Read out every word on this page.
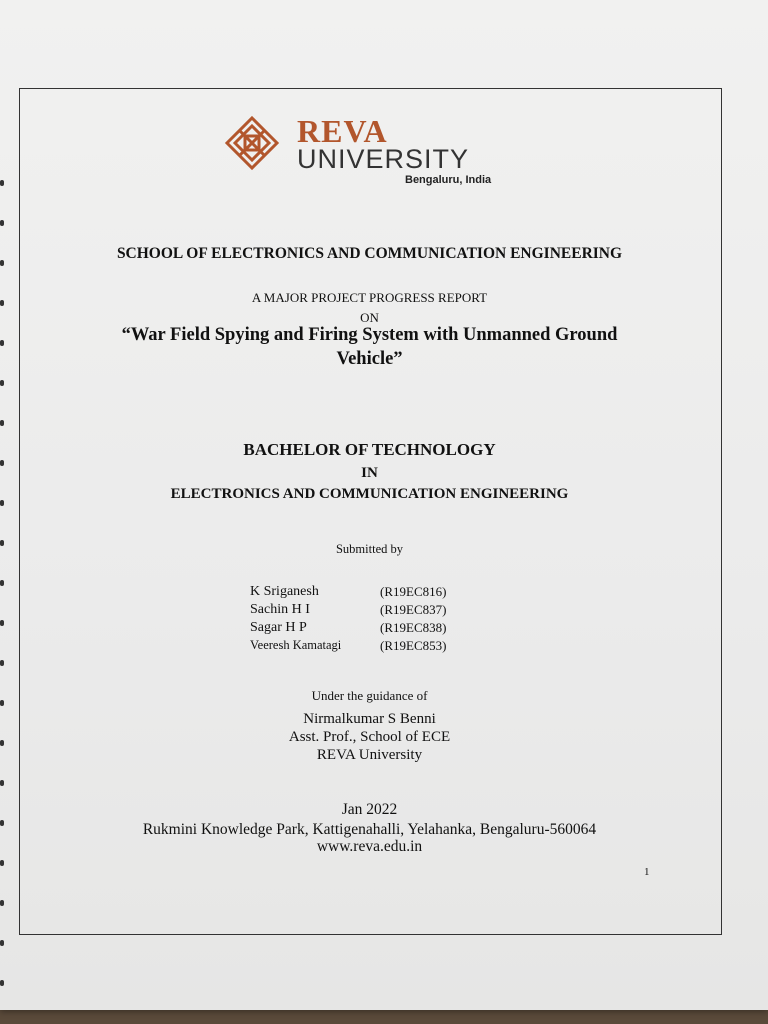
REVA
UNIVERSITY
Bengaluru, India
SCHOOL OF ELECTRONICS AND COMMUNICATION ENGINEERING
A MAJOR PROJECT PROGRESS REPORT
ON
“War Field Spying and Firing System with Unmanned Ground Vehicle”
BACHELOR OF TECHNOLOGY
IN
ELECTRONICS AND COMMUNICATION ENGINEERING
Submitted by
K Sriganesh	(R19EC816)
Sachin H I	(R19EC837)
Sagar H P	(R19EC838)
Veeresh Kamatagi	(R19EC853)
Under the guidance of
Nirmalkumar S Benni
Asst. Prof., School of ECE
REVA University
Jan 2022
Rukmini Knowledge Park, Kattigenahalli, Yelahanka, Bengaluru-560064
www.reva.edu.in
1
